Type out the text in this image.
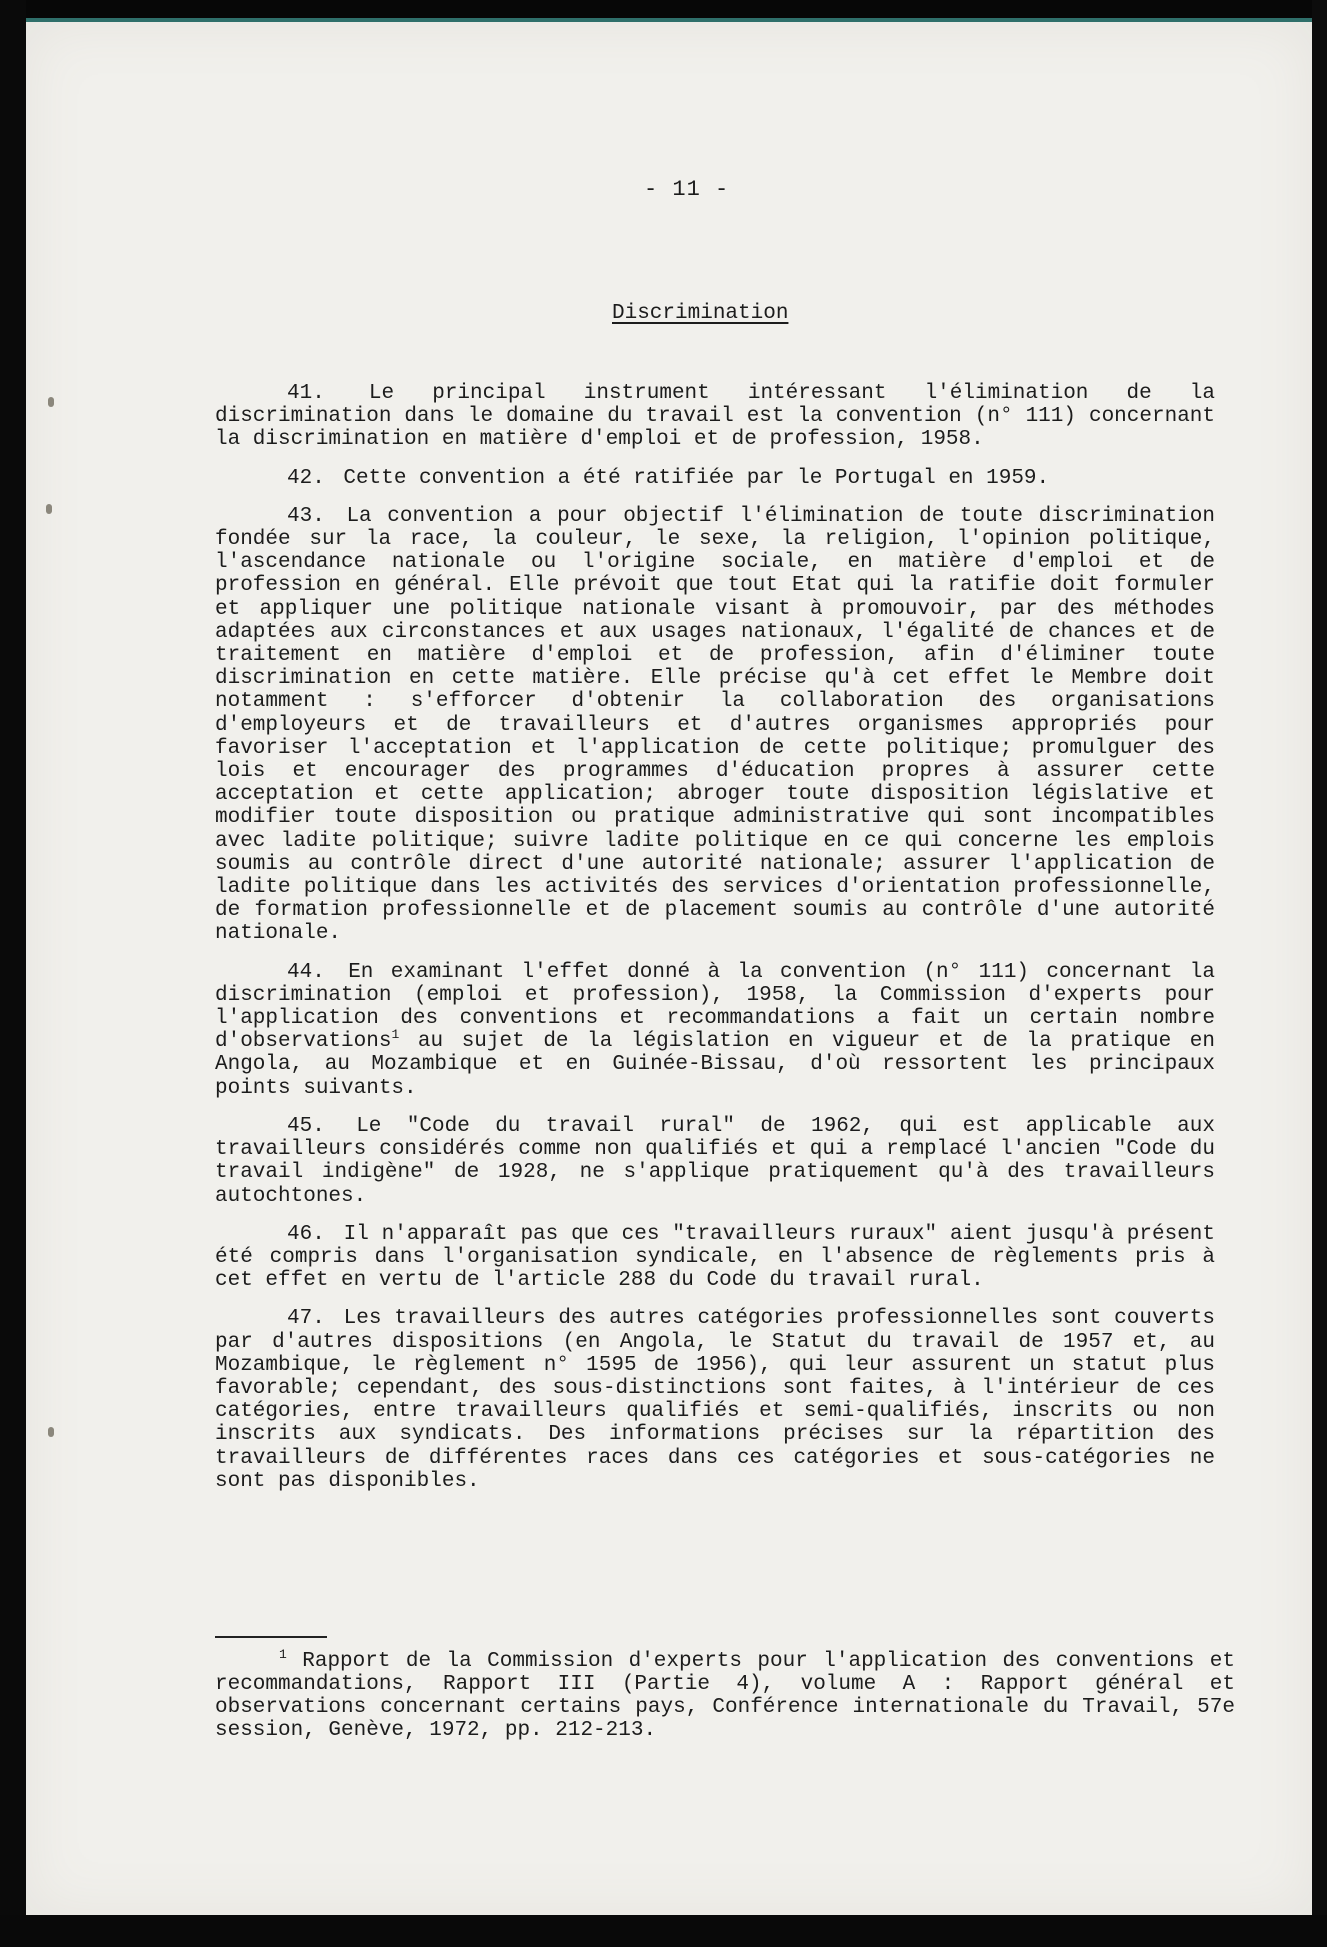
- 11 -
Discrimination

41. Le principal instrument intéressant l'élimination de la discrimination dans le domaine du travail est la convention (n° 111) concernant la discrimination en matière d'emploi et de profession, 1958.

42. Cette convention a été ratifiée par le Portugal en 1959.

43. La convention a pour objectif l'élimination de toute discrimination fondée sur la race, la couleur, le sexe, la religion, l'opinion politique, l'ascendance nationale ou l'origine sociale, en matière d'emploi et de profession en général. Elle prévoit que tout Etat qui la ratifie doit formuler et appliquer une politique nationale visant à promouvoir, par des méthodes adaptées aux circonstances et aux usages nationaux, l'égalité de chances et de traitement en matière d'emploi et de profession, afin d'éliminer toute discrimination en cette matière. Elle précise qu'à cet effet le Membre doit notamment : s'efforcer d'obtenir la collaboration des organisations d'employeurs et de travailleurs et d'autres organismes appropriés pour favoriser l'acceptation et l'application de cette politique; promulguer des lois et encourager des programmes d'éducation propres à assurer cette acceptation et cette application; abroger toute disposition législative et modifier toute disposition ou pratique administrative qui sont incompatibles avec ladite politique; suivre ladite politique en ce qui concerne les emplois soumis au contrôle direct d'une autorité nationale; assurer l'application de ladite politique dans les activités des services d'orientation professionnelle, de formation professionnelle et de placement soumis au contrôle d'une autorité nationale.

44. En examinant l'effet donné à la convention (n° 111) concernant la discrimination (emploi et profession), 1958, la Commission d'experts pour l'application des conventions et recommandations a fait un certain nombre d'observations$^1$ au sujet de la législation en vigueur et de la pratique en Angola, au Mozambique et en Guinée-Bissau, d'où ressortent les principaux points suivants.

45. Le "Code du travail rural" de 1962, qui est applicable aux travailleurs considérés comme non qualifiés et qui a remplacé l'ancien "Code du travail indigène" de 1928, ne s'applique pratiquement qu'à des travailleurs autochtones.

46. Il n'apparaît pas que ces "travailleurs ruraux" aient jusqu'à présent été compris dans l'organisation syndicale, en l'absence de règlements pris à cet effet en vertu de l'article 288 du Code du travail rural.

47. Les travailleurs des autres catégories professionnelles sont couverts par d'autres dispositions (en Angola, le Statut du travail de 1957 et, au Mozambique, le règlement n° 1595 de 1956), qui leur assurent un statut plus favorable; cependant, des sous-distinctions sont faites, à l'intérieur de ces catégories, entre travailleurs qualifiés et semi-qualifiés, inscrits ou non inscrits aux syndicats. Des informations précises sur la répartition des travailleurs de différentes races dans ces catégories et sous-catégories ne sont pas disponibles.

$^1$ Rapport de la Commission d'experts pour l'application des conventions et recommandations, Rapport III (Partie 4), volume A : Rapport général et observations concernant certains pays, Conférence internationale du Travail, 57e session, Genève, 1972, pp. 212-213.
